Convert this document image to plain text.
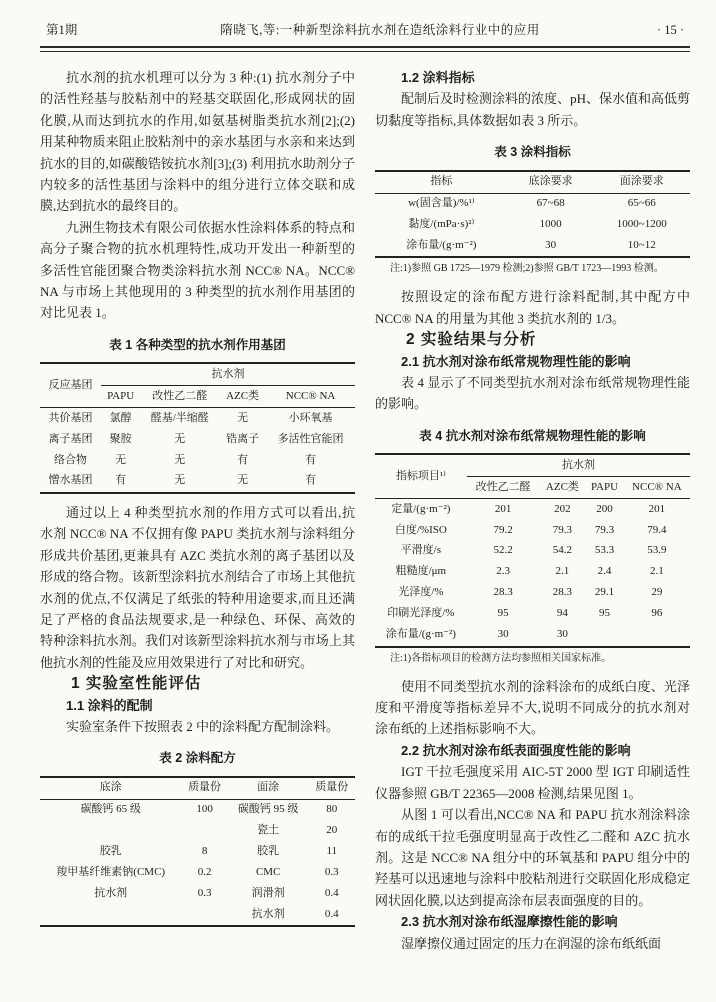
第1期	隋晓飞,等:一种新型涂料抗水剂在造纸涂料行业中的应用	· 15 ·

抗水剂的抗水机理可以分为 3 种:(1) 抗水剂分子中的活性羟基与胶粘剂中的羟基交联固化,形成网状的固化膜,从而达到抗水的作用,如氨基树脂类抗水剂[2];(2) 用某种物质来阻止胶粘剂中的亲水基团与水亲和来达到抗水的目的,如碳酸锆铵抗水剂[3];(3) 利用抗水助剂分子内较多的活性基团与涂料中的组分进行立体交联和成膜,达到抗水的最终目的。

九洲生物技术有限公司依据水性涂料体系的特点和高分子聚合物的抗水机理特性,成功开发出一种新型的多活性官能团聚合物类涂料抗水剂 NCC® NA。NCC® NA 与市场上其他现用的 3 种类型的抗水剂作用基团的对比见表 1。

表 1 各种类型的抗水剂作用基团
反应基团	抗水剂			
	PAPU	改性乙二醛	AZC类	NCC® NA
共价基团	氯醇	醛基/半缩醛	无	小环氧基
离子基团	聚胺	无	锆离子	多活性官能团
络合物	无	无	有	有
憎水基团	有	无	无	有

通过以上 4 种类型抗水剂的作用方式可以看出,抗水剂 NCC® NA 不仅拥有像 PAPU 类抗水剂与涂料组分形成共价基团,更兼具有 AZC 类抗水剂的离子基团以及形成的络合物。该新型涂料抗水剂结合了市场上其他抗水剂的优点,不仅满足了纸张的特种用途要求,而且还满足了严格的食品法规要求,是一种绿色、环保、高效的特种涂料抗水剂。我们对该新型涂料抗水剂与市场上其他抗水剂的性能及应用效果进行了对比和研究。

1 实验室性能评估

1.1 涂料的配制

实验室条件下按照表 2 中的涂料配方配制涂料。

表 2 涂料配方
底涂	质量份	面涂	质量份
碳酸钙 65 级	100	碳酸钙 95 级	80
		瓷土	20
胶乳	8	胶乳	11
羧甲基纤维素钠(CMC)	0.2	CMC	0.3
抗水剂	0.3	润滑剂	0.4
		抗水剂	0.4

1.2 涂料指标

配制后及时检测涂料的浓度、pH、保水值和高低剪切黏度等指标,具体数据如表 3 所示。

表 3 涂料指标
指标	底涂要求	面涂要求
w(固含量)/%¹⁾	67~68	65~66
黏度/(mPa·s)²⁾	1000	1000~1200
涂布量/(g·m⁻²)	30	10~12
注:1)参照 GB 1725—1979 检测;2)参照 GB/T 1723—1993 检测。

按照设定的涂布配方进行涂料配制,其中配方中 NCC® NA 的用量为其他 3 类抗水剂的 1/3。

2 实验结果与分析

2.1 抗水剂对涂布纸常规物理性能的影响

表 4 显示了不同类型抗水剂对涂布纸常规物理性能的影响。

表 4 抗水剂对涂布纸常规物理性能的影响
指标项目¹⁾	抗水剂			
	改性乙二醛	AZC类	PAPU	NCC® NA
定量/(g·m⁻²)	201	202	200	201
白度/%ISO	79.2	79.3	79.3	79.4
平滑度/s	52.2	54.2	53.3	53.9
粗糙度/μm	2.3	2.1	2.4	2.1
光泽度/%	28.3	28.3	29.1	29
印刷光泽度/%	95	94	95	96
涂布量/(g·m⁻²)	30	30		
注:1)各指标项目的检测方法均参照相关国家标准。

使用不同类型抗水剂的涂料涂布的成纸白度、光泽度和平滑度等指标差异不大,说明不同成分的抗水剂对涂布纸的上述指标影响不大。

2.2 抗水剂对涂布纸表面强度性能的影响

IGT 干拉毛强度采用 AIC-5T 2000 型 IGT 印刷适性仪器参照 GB/T 22365—2008 检测,结果见图 1。

从图 1 可以看出,NCC® NA 和 PAPU 抗水剂涂料涂布的成纸干拉毛强度明显高于改性乙二醛和 AZC 抗水剂。这是 NCC® NA 组分中的环氧基和 PAPU 组分中的羟基可以迅速地与涂料中胶粘剂进行交联固化形成稳定网状固化膜,以达到提高涂布层表面强度的目的。

2.3 抗水剂对涂布纸湿摩擦性能的影响

湿摩擦仪通过固定的压力在润湿的涂布纸纸面
